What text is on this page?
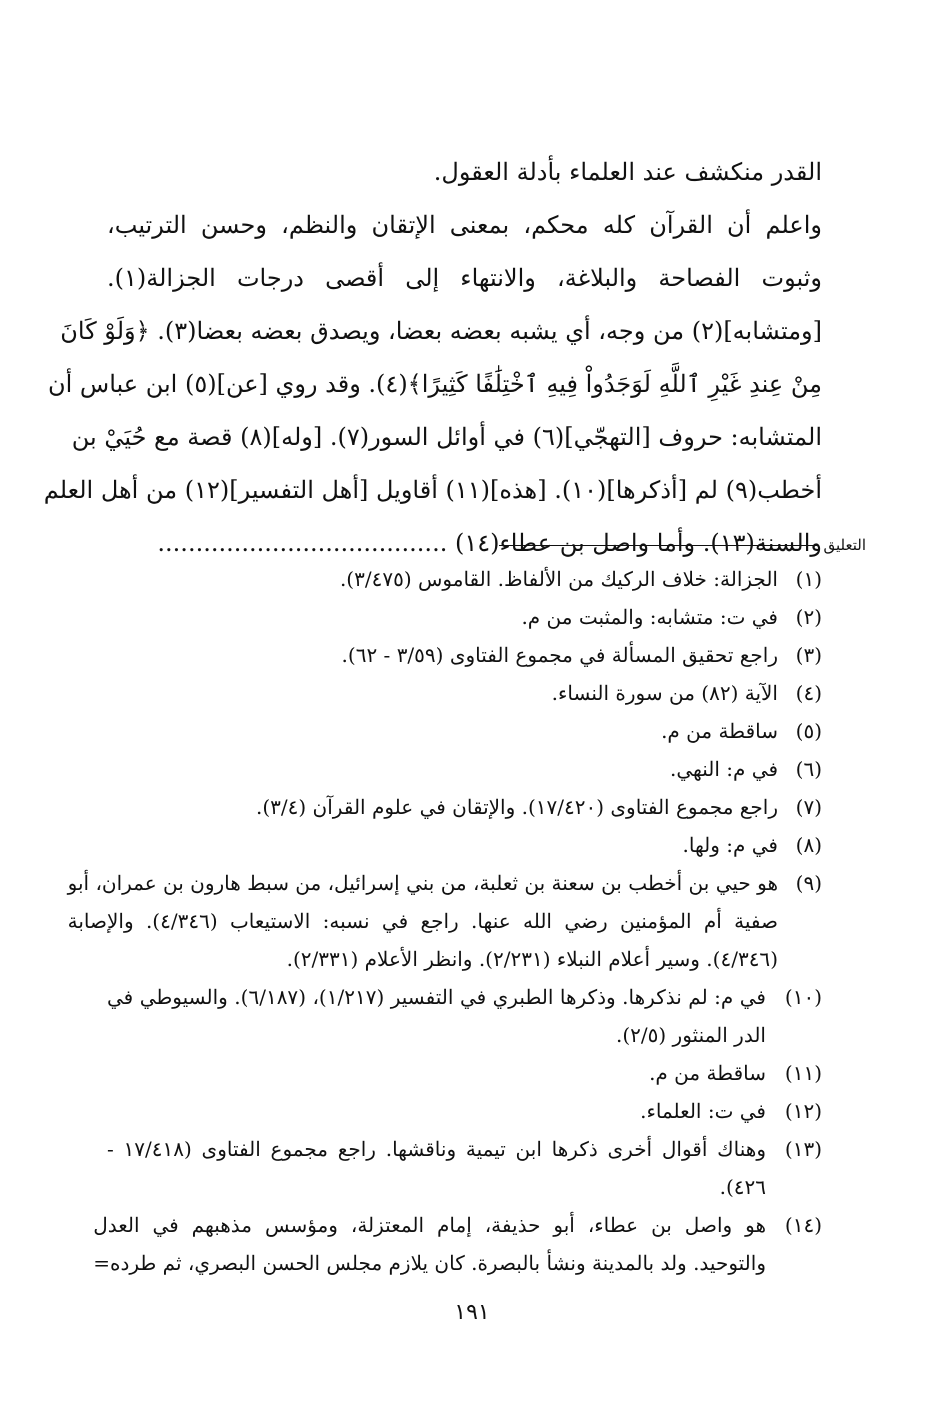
القدر منكشف عند العلماء بأدلة العقول.
واعلم أن القرآن كله محكم، بمعنى الإتقان والنظم، وحسن الترتيب،
وثبوت الفصاحة والبلاغة، والانتهاء إلى أقصى درجات الجزالة(١).
[ومتشابه](٢) من وجه، أي يشبه بعضه بعضا، ويصدق بعضه بعضا(٣). ﴿وَلَوْ كَانَ
مِنْ عِندِ غَيْرِ ٱللَّهِ لَوَجَدُواْ فِيهِ ٱخْتِلَٰفًا كَثِيرًا﴾(٤). وقد روي [عن](٥) ابن عباس أن
المتشابه: حروف [التهجّي](٦) في أوائل السور(٧). [وله](٨) قصة مع حُيَيْ بن
أخطب(٩) لم [أذكرها](١٠). [هذه](١١) أقاويل [أهل التفسير](١٢) من أهل العلم
والسنة(١٣). وأما واصل بن عطاء(١٤) ...................................... التعليق
(١)
الجزالة: خلاف الركيك من الألفاظ. القاموس (٣/٤٧٥).
(٢)
في ت: متشابه: والمثبت من م.
(٣)
راجع تحقيق المسألة في مجموع الفتاوى (٣/٥٩ - ٦٢).
(٤)
الآية (٨٢) من سورة النساء.
(٥)
ساقطة من م.
(٦)
في م: النهي.
(٧)
راجع مجموع الفتاوى (١٧/٤٢٠). والإتقان في علوم القرآن (٣/٤).
(٨)
في م: ولها.
(٩)
هو حيي بن أخطب بن سعنة بن ثعلبة، من بني إسرائيل، من سبط هارون بن عمران، أبو
صفية أم المؤمنين رضي الله عنها. راجع في نسبه: الاستيعاب (٤/٣٤٦). والإصابة
(٤/٣٤٦). وسير أعلام النبلاء (٢/٢٣١). وانظر الأعلام (٢/٣٣١).
(١٠)
في م: لم نذكرها. وذكرها الطبري في التفسير (١/٢١٧)، (٦/١٨٧). والسيوطي في
الدر المنثور (٢/٥).
(١١)
ساقطة من م.
(١٢)
في ت: العلماء.
(١٣)
وهناك أقوال أخرى ذكرها ابن تيمية وناقشها. راجع مجموع الفتاوى (١٧/٤١٨ -
٤٢٦).
(١٤)
هو واصل بن عطاء، أبو حذيفة، إمام المعتزلة، ومؤسس مذهبهم في العدل
والتوحيد. ولد بالمدينة ونشأ بالبصرة. كان يلازم مجلس الحسن البصري، ثم طرده=
١٩١
